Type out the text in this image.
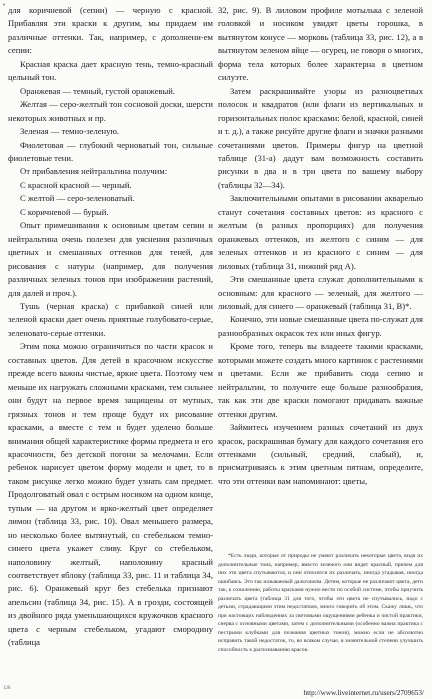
ᵒ для коричневой (сепии) — черную с красной. Прибавляя эти краски к другим, мы придаем им различные оттенки. Так, например, с дополнени-ем сепии:

Красная краска дает красную тень, темно-красный цельный тон.

Оранжевая — темный, густой оранжевый.

Желтая — серо-желтый тон сосновой доски, шерсти некоторых животных и пр.

Зеленая — темно-зеленую.

Фиолетовая — глубокий черноватый тон, сильные фиолетовые тени.

От прибавления нейтральтина получим:

С красной красной — черный.

С желтой — серо-зеленоватый.

С коричневой — бурый.

Опыт примешивания к основным цветам сепии и нейтральтина очень полезен для уяснения различных цветных и смешанных оттенков для теней, для рисования с натуры (например, для получения различных зеленых тонов при изображении растений, для далей и проч.).

Тушь (черная краска) с прибавкой синей или зеленой краски дает очень приятные голубовато-серые, зеленовато-серые оттенки.

Этим пока можно ограничиться по части красок и составных цветов. Для детей в красочном искусстве прежде всего важны чистые, яркие цвета. Поэтому чем меньше их нагружать сложными красками, тем сильнее они будут на первое время защищены от мутных, грязных тонов и тем проще будут их рисование красками, а вместе с тем и будет уделено больше внимания общей характеристике формы предмета и его красочности, без детской погони за мелочами. Если ребенок нарисует цветом форму модели и цвет, то в таком рисунке легко можно будет узнать сам предмет. Продолговатый овал с острым носиком на одном конце, тупым — на другом и ярко-желтый цвет определяет лимон (таблица 33, рис. 10). Овал меньшего размера, но несколько более вытянутый, со стебельком темно-синего цвета укажет сливу. Круг со стебельком, наполовину желтый, наполовину красный соответствует яблоку (таблица 33, рис. 11 и таблица 34, рис. 6). Оранжевый круг без стебелька признают апельсин (таблица 34, рис. 15). А в грозди, состоящей из двойного ряда уменьшающихся кружочков красного цвета с черным стебельком, угадают смородину (таблица

32, рис. 9). В лиловом профиле мотылька с зеленой головкой и носиком увидят цветы горошка, в вытянутом конусе — морковь (таблица 33, рис. 12), а в вытянутом зеленом яйце — огурец, не говоря о многих, форма тела которых более характерна в цветном силуэте.

Затем раскрашивайте узоры из разноцветных полосок и квадратов (или флаги из вертикальных и горизонтальных полос красками: белой, красной, синей и т. д.), а также рисуйте другие флаги и значки разными сочетаниями цветов. Примеры фигур на цветной таблице (31-а) дадут вам возможность составить рисунки в два и в три цвета по вашему выбору (таблицы 32—34).

Заключительными опытами в рисовании акварелью станут сочетания составных цветов: из красного с желтым (в разных пропорциях) для получения оранжевых оттенков, из желтого с синим — для зеленых оттенков и из красного с синим — для лиловых (таблица 31, нижний ряд А).

Эти смешанные цвета служат дополнительными к основным: для красного — зеленый, для желтого — лиловый, для синего — оранжевый (таблица 31, В)*.

Конечно, эти новые смешанные цвета по-служат для разнообразных окрасок тех или иных фигур.

Кроме того, теперь вы владеете такими красками, которыми можете создать много картинок с растениями и цветами. Если же прибавить сюда сепию и нейтральтин, то получите еще больше разнообразия, так как эти две краски помогают придавать важные оттенки другим.

Займитесь изучением разных сочетаний из двух красок, раскрашивая бумагу для каждого сочетания его оттенками (сильный, средний, слабый), и, присматриваясь к этим цветным пятнам, определите, что эти оттенки вам напоминают: цветы,

*Есть люди, которые от природы не умеют различать некоторые цвета, видя их дополнительные тона, например, вместо зеленого они видят красный, причем для них эти цвета спутываются, и они относятся их различать, иногда угадывая, иногда ошибаясь. Это так называемый дальтонизм. Детям, которые не различают цвета, дети так, к сожалению, работы красками нужно вести по особой системе, чтобы приучить различать цвета (таблица 31 для того, чтобы эти цвета не спутывались, надо с детьми, страдающими этим недостатком, много говорить об этом. Скажу лишь, что при настоящих наблюдениях за световыми ощущениями ребенка и чистой практики, снерва с основными цветами, затем с дополнительными (особенно важна практика с пестрыми клубками для познания цветных тонов), можно если не абсолютно исправить такой недостаток, то, во всяком случае, в значительной степени улучшить способность к распознаванию красок.

128
http://www.liveinternet.ru/users/2709653/
